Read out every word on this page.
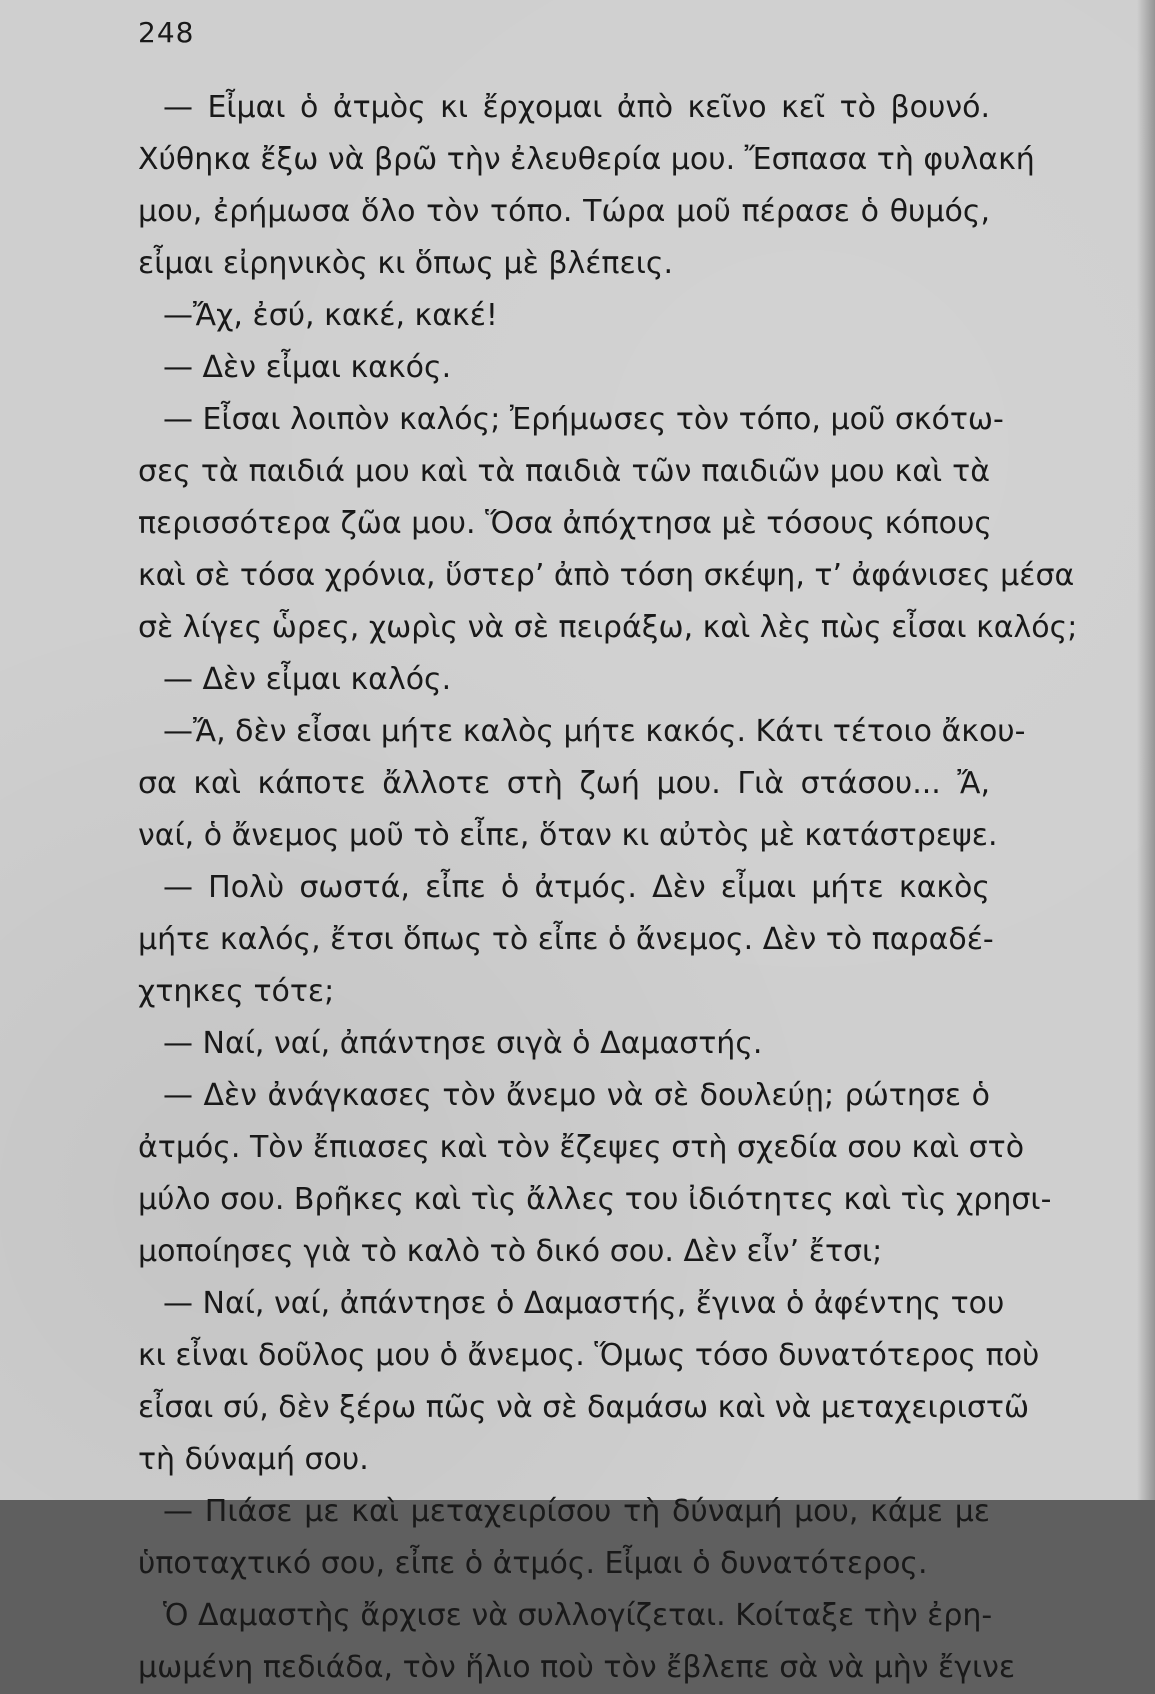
248
— Εἶμαι ὁ ἀτμὸς κι ἔρχομαι ἀπὸ κεῖνο κεῖ τὸ βουνό.
Χύθηκα ἔξω νὰ βρῶ τὴν ἐλευθερία μου. Ἔσπασα τὴ φυλακή
μου, ἐρήμωσα ὅλο τὸν τόπο. Τώρα μοῦ πέρασε ὁ θυμός,
εἶμαι εἰρηνικὸς κι ὅπως μὲ βλέπεις.
—Ἄχ, ἐσύ, κακέ, κακέ!
— Δὲν εἶμαι κακός.
— Εἶσαι λοιπὸν καλός; Ἐρήμωσες τὸν τόπο, μοῦ σκότω-
σες τὰ παιδιά μου καὶ τὰ παιδιὰ τῶν παιδιῶν μου καὶ τὰ
περισσότερα ζῶα μου. Ὅσα ἀπόχτησα μὲ τόσους κόπους
καὶ σὲ τόσα χρόνια, ὕστερ’ ἀπὸ τόση σκέψη, τ’ ἀφάνισες μέσα
σὲ λίγες ὧρες, χωρὶς νὰ σὲ πειράξω, καὶ λὲς πὼς εἶσαι καλός;
— Δὲν εἶμαι καλός.
—Ἄ, δὲν εἶσαι μήτε καλὸς μήτε κακός. Κάτι τέτοιο ἄκου-
σα καὶ κάποτε ἄλλοτε στὴ ζωή μου. Γιὰ στάσου... Ἄ,
ναί, ὁ ἄνεμος μοῦ τὸ εἶπε, ὅταν κι αὐτὸς μὲ κατάστρεψε.
— Πολὺ σωστά, εἶπε ὁ ἀτμός. Δὲν εἶμαι μήτε κακὸς
μήτε καλός, ἔτσι ὅπως τὸ εἶπε ὁ ἄνεμος. Δὲν τὸ παραδέ-
χτηκες τότε;
— Ναί, ναί, ἀπάντησε σιγὰ ὁ Δαμαστής.
— Δὲν ἀνάγκασες τὸν ἄνεμο νὰ σὲ δουλεύῃ; ρώτησε ὁ
ἀτμός. Τὸν ἔπιασες καὶ τὸν ἔζεψες στὴ σχεδία σου καὶ στὸ
μύλο σου. Βρῆκες καὶ τὶς ἄλλες του ἰδιότητες καὶ τὶς χρησι-
μοποίησες γιὰ τὸ καλὸ τὸ δικό σου. Δὲν εἶν’ ἔτσι;
— Ναί, ναί, ἀπάντησε ὁ Δαμαστής, ἔγινα ὁ ἀφέντης του
κι εἶναι δοῦλος μου ὁ ἄνεμος. Ὅμως τόσο δυνατότερος ποὺ
εἶσαι σύ, δὲν ξέρω πῶς νὰ σὲ δαμάσω καὶ νὰ μεταχειριστῶ
τὴ δύναμή σου.
— Πιάσε με καὶ μεταχειρίσου τὴ δύναμή μου, κάμε με
ὑποταχτικό σου, εἶπε ὁ ἀτμός. Εἶμαι ὁ δυνατότερος.
Ὁ Δαμαστὴς ἄρχισε νὰ συλλογίζεται. Κοίταξε τὴν ἐρη-
μωμένη πεδιάδα, τὸν ἥλιο ποὺ τὸν ἔβλεπε σὰ νὰ μὴν ἔγινε
